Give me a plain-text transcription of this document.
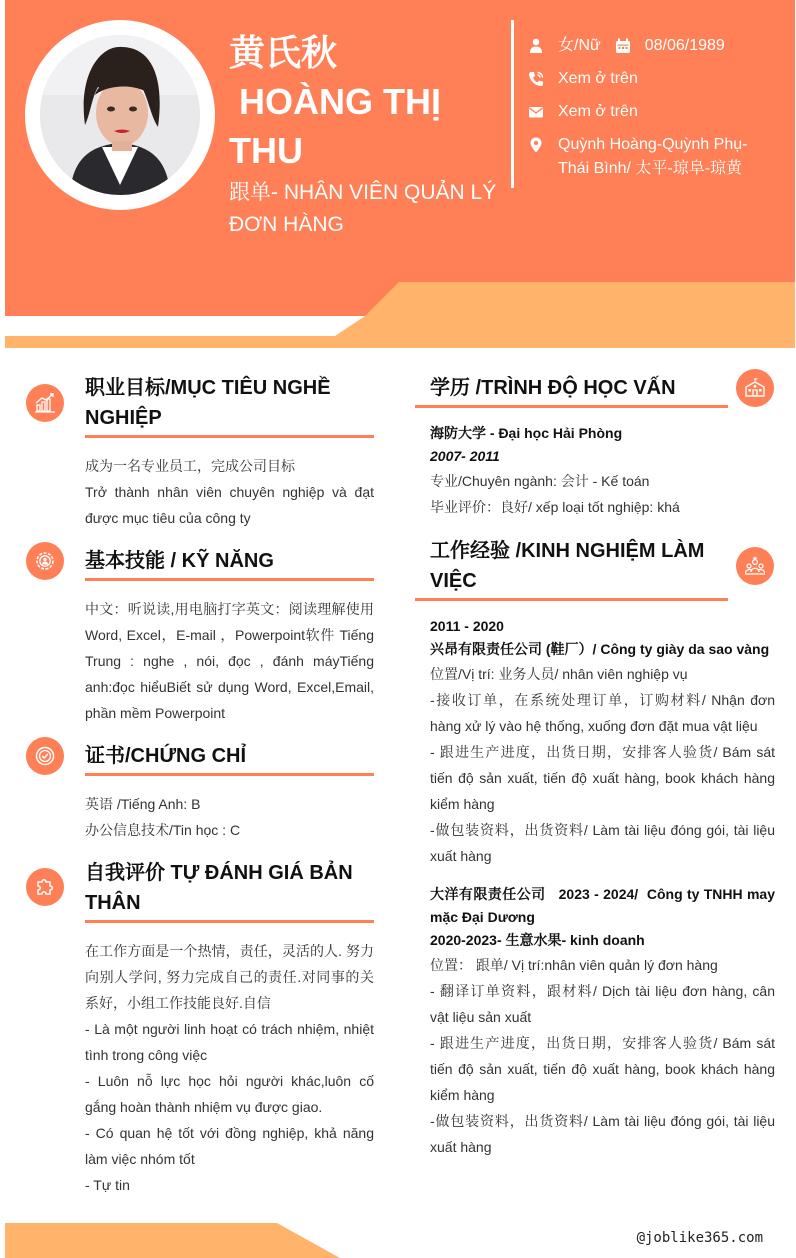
黄氏秋
HOÀNG THỊ
THU
跟单- NHÂN VIÊN QUẢN LÝ ĐƠN HÀNG
女/Nữ	08/06/1989
Xem ở trên
Xem ở trên
Quỳnh Hoàng-Quỳnh Phụ-Thái Bình/ 太平-琼阜-琼黄
职业目标/MỤC TIÊU NGHỀ NGHIỆP

成为一名专业员工，完成公司目标

Trở thành nhân viên chuyên nghiệp và đạt được mục tiêu của công ty

基本技能 / KỸ NĂNG

中文：听说读,用电脑打字英文：阅读理解使用Word, Excel，E-mail ，Powerpoint软件 Tiếng Trung : nghe , nói, đọc , đánh máyTiếng anh:đọc hiểuBiết sử dụng Word, Excel,Email, phần mềm Powerpoint

证书/CHỨNG CHỈ

英语 /Tiếng Anh: B

办公信息技术/Tin học : C

自我评价 TỰ ĐÁNH GIÁ BẢN THÂN

在工作方面是一个热情，责任，灵活的人. 努力向别人学问, 努力完成自己的责任.对同事的关系好，小组工作技能良好.自信

- Là một người linh hoạt có trách nhiệm, nhiệt tình trong công việc

- Luôn nỗ lực học hỏi người khác,luôn cố gắng hoàn thành nhiệm vụ được giao.

- Có quan hệ tốt với đồng nghiệp, khả năng làm việc nhóm tốt

- Tự tin

学历 /TRÌNH ĐỘ HỌC VẤN

海防大学 - Đại học Hải Phòng

2007- 2011

专业/Chuyên ngành: 会计 - Kế toán

毕业评价：良好/ xếp loại tốt nghiệp: khá

工作经验 /KINH NGHIỆM LÀM VIỆC

2011 - 2020

兴昂有限责任公司 (鞋厂）/ Công ty giày da sao vàng

位置/Vị trí: 业务人员/ nhân viên nghiệp vụ

-接收订单，在系统处理订单，订购材料/ Nhận đơn hàng xử lý vào hệ thống, xuống đơn đặt mua vật liệu

- 跟进生产进度，出货日期，安排客人验货/ Bám sát tiến độ sản xuất, tiến độ xuất hàng, book khách hàng kiểm hàng

-做包装资料，出货资料/ Làm tài liệu đóng gói, tài liệu xuất hàng

大洋有限责任公司   2023 - 2024/  Công ty TNHH may mặc Đại Dương

2020-2023- 生意水果- kinh doanh

位置： 跟单/ Vị trí:nhân viên quản lý đơn hàng

- 翻译订单资料，跟材料/ Dịch tài liệu đơn hàng, cân vật liệu sản xuất

- 跟进生产进度，出货日期，安排客人验货/ Bám sát tiến độ sản xuất, tiến độ xuất hàng, book khách hàng kiểm hàng

-做包装资料，出货资料/ Làm tài liệu đóng gói, tài liệu xuất hàng

@joblike365.com
